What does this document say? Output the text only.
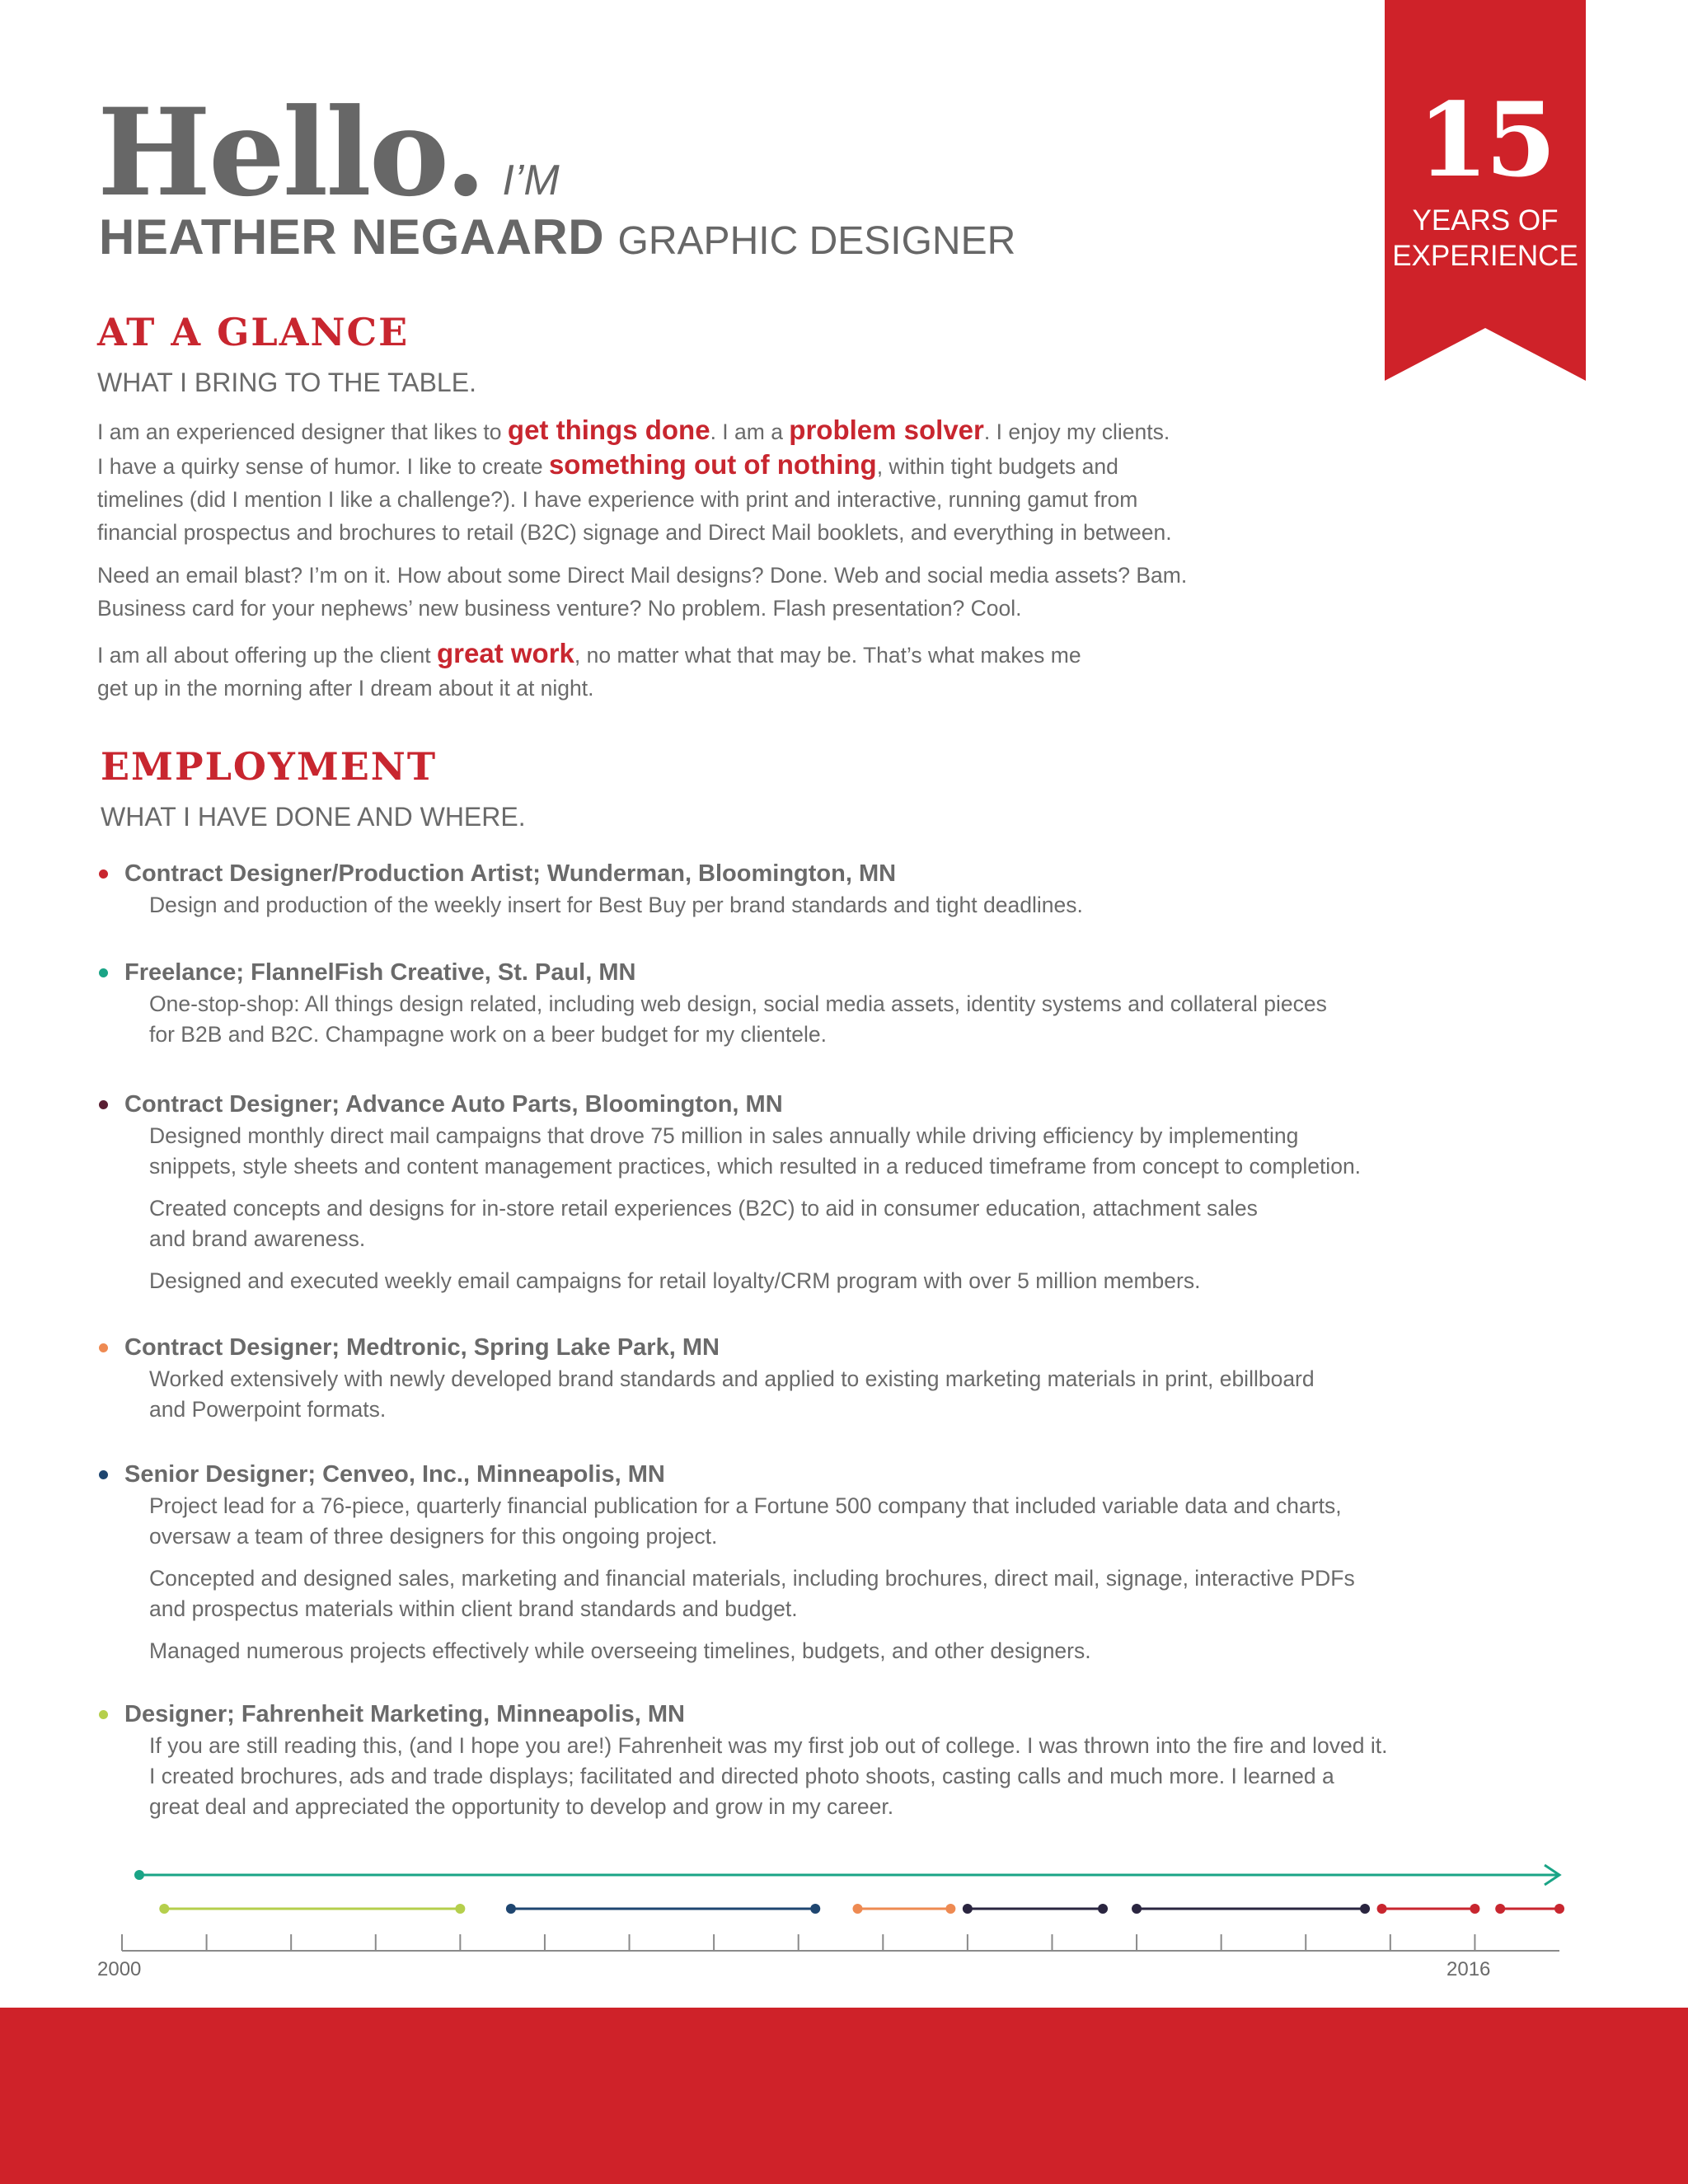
Hello. I’M
HEATHER NEGAARD GRAPHIC DESIGNER
15
YEARS OF
EXPERIENCE
AT A GLANCE
WHAT I BRING TO THE TABLE.
I am an experienced designer that likes to get things done. I am a problem solver. I enjoy my clients.
I have a quirky sense of humor. I like to create something out of nothing, within tight budgets and
timelines (did I mention I like a challenge?). I have experience with print and interactive, running gamut from
financial prospectus and brochures to retail (B2C) signage and Direct Mail booklets, and everything in between.
Need an email blast? I’m on it. How about some Direct Mail designs? Done. Web and social media assets? Bam.
Business card for your nephews’ new business venture? No problem. Flash presentation? Cool.
I am all about offering up the client great work, no matter what that may be. That’s what makes me
get up in the morning after I dream about it at night.
EMPLOYMENT
WHAT I HAVE DONE AND WHERE.
Contract Designer/Production Artist; Wunderman, Bloomington, MN
Design and production of the weekly insert for Best Buy per brand standards and tight deadlines.
Freelance; FlannelFish Creative, St. Paul, MN
One-stop-shop: All things design related, including web design, social media assets, identity systems and collateral pieces
for B2B and B2C. Champagne work on a beer budget for my clientele.
Contract Designer; Advance Auto Parts, Bloomington, MN
Designed monthly direct mail campaigns that drove 75 million in sales annually while driving efficiency by implementing
snippets, style sheets and content management practices, which resulted in a reduced timeframe from concept to completion.
Created concepts and designs for in-store retail experiences (B2C) to aid in consumer education, attachment sales
and brand awareness.
Designed and executed weekly email campaigns for retail loyalty/CRM program with over 5 million members.
Contract Designer; Medtronic, Spring Lake Park, MN
Worked extensively with newly developed brand standards and applied to existing marketing materials in print, ebillboard
and Powerpoint formats.
Senior Designer; Cenveo, Inc., Minneapolis, MN
Project lead for a 76-piece, quarterly financial publication for a Fortune 500 company that included variable data and charts,
oversaw a team of three designers for this ongoing project.
Concepted and designed sales, marketing and financial materials, including brochures, direct mail, signage, interactive PDFs
and prospectus materials within client brand standards and budget.
Managed numerous projects effectively while overseeing timelines, budgets, and other designers.
Designer; Fahrenheit Marketing, Minneapolis, MN
If you are still reading this, (and I hope you are!) Fahrenheit was my first job out of college. I was thrown into the fire and loved it.
I created brochures, ads and trade displays; facilitated and directed photo shoots, casting calls and much more. I learned a
great deal and appreciated the opportunity to develop and grow in my career.
2000	2016
